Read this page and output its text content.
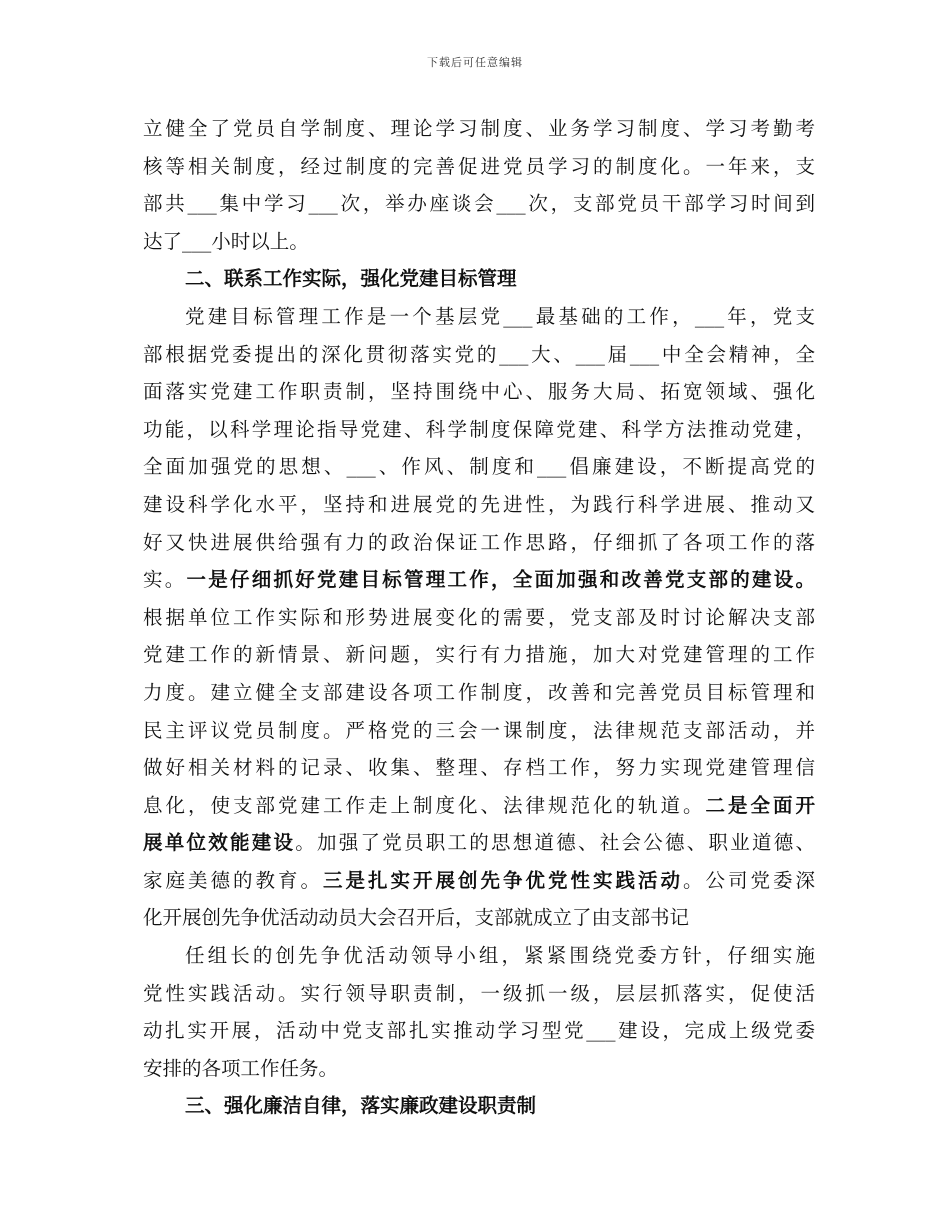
下载后可任意编辑
立健全了党员自学制度、理论学习制度、业务学习制度、学习考勤考
核等相关制度，经过制度的完善促进党员学习的制度化。一年来，支
部共___集中学习___次，举办座谈会___次，支部党员干部学习时间到
达了___小时以上。
二、联系工作实际，强化党建目标管理
党建目标管理工作是一个基层党___最基础的工作，___年，党支
部根据党委提出的深化贯彻落实党的___大、___届___中全会精神，全
面落实党建工作职责制，坚持围绕中心、服务大局、拓宽领域、强化
功能，以科学理论指导党建、科学制度保障党建、科学方法推动党建，
全面加强党的思想、___、作风、制度和___倡廉建设，不断提高党的
建设科学化水平，坚持和进展党的先进性，为践行科学进展、推动又
好又快进展供给强有力的政治保证工作思路，仔细抓了各项工作的落
实。一是仔细抓好党建目标管理工作，全面加强和改善党支部的建设。
根据单位工作实际和形势进展变化的需要，党支部及时讨论解决支部
党建工作的新情景、新问题，实行有力措施，加大对党建管理的工作
力度。建立健全支部建设各项工作制度，改善和完善党员目标管理和
民主评议党员制度。严格党的三会一课制度，法律规范支部活动，并
做好相关材料的记录、收集、整理、存档工作，努力实现党建管理信
息化，使支部党建工作走上制度化、法律规范化的轨道。二是全面开
展单位效能建设。加强了党员职工的思想道德、社会公德、职业道德、
家庭美德的教育。三是扎实开展创先争优党性实践活动。公司党委深
化开展创先争优活动动员大会召开后，支部就成立了由支部书记
任组长的创先争优活动领导小组，紧紧围绕党委方针，仔细实施
党性实践活动。实行领导职责制，一级抓一级，层层抓落实，促使活
动扎实开展，活动中党支部扎实推动学习型党___建设，完成上级党委
安排的各项工作任务。
三、强化廉洁自律，落实廉政建设职责制
